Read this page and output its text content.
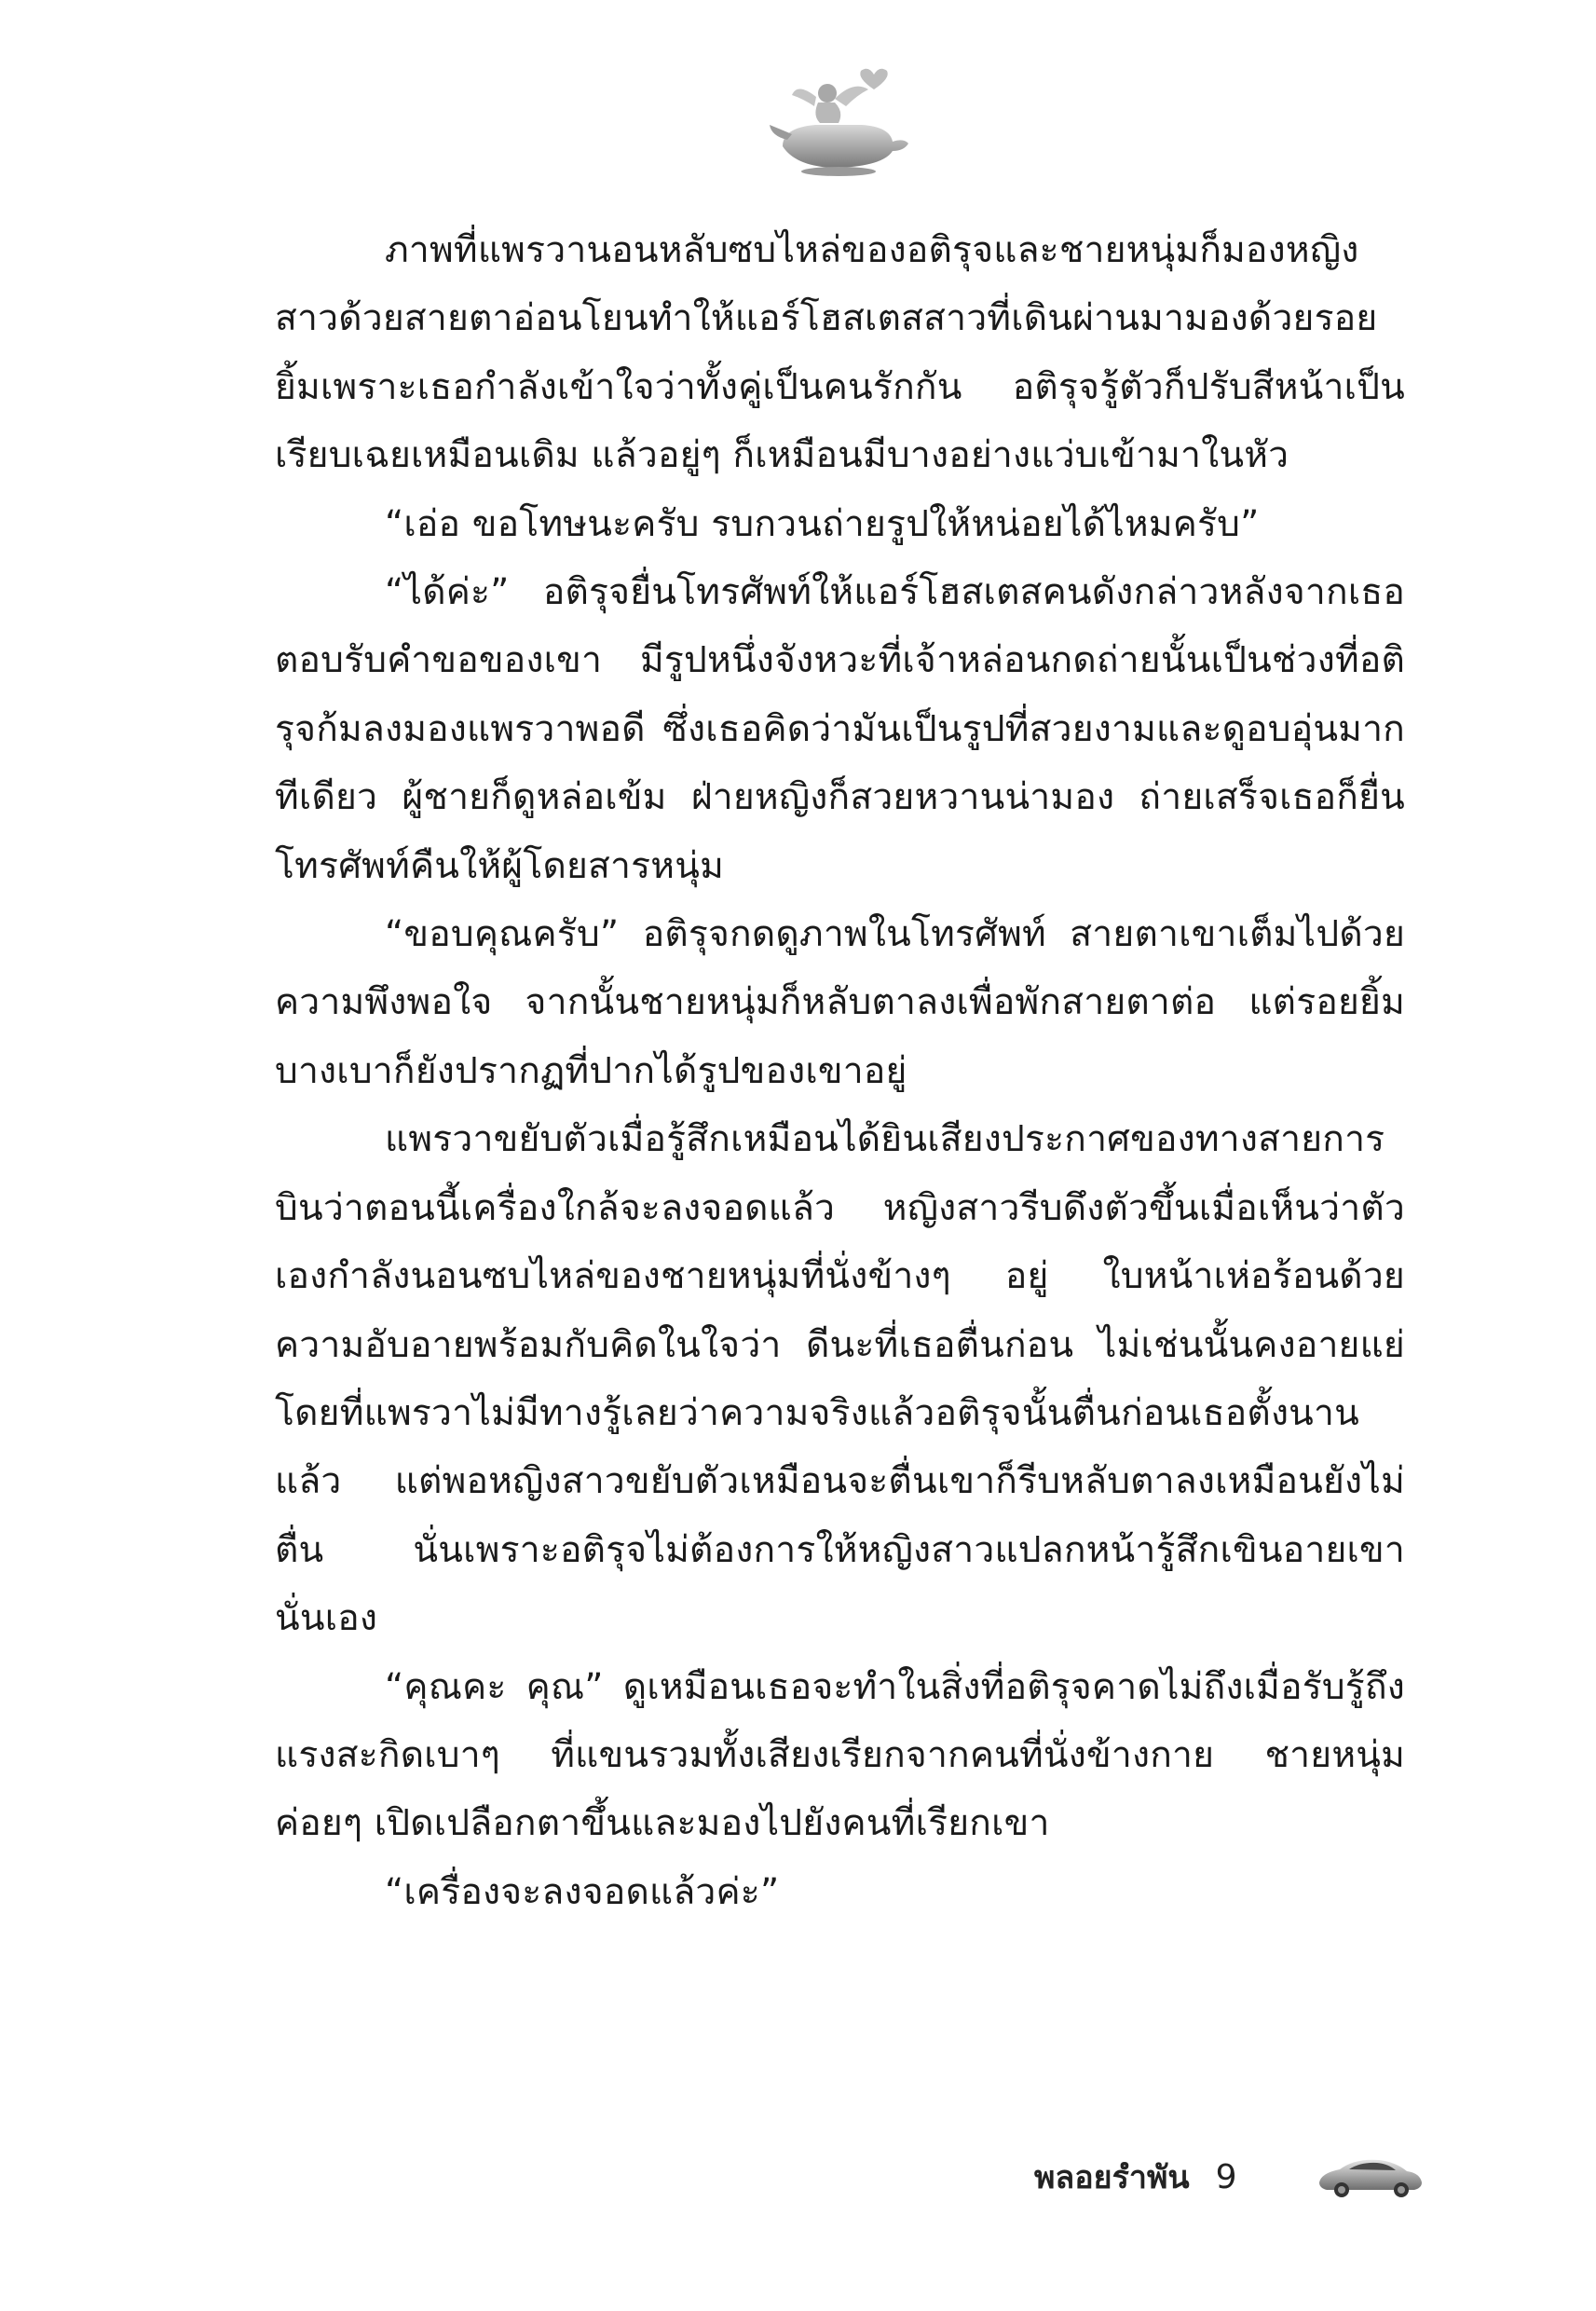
ภาพที่แพรวานอนหลับซบไหล่ของอติรุจและชายหนุ่มก็มองหญิงสาวด้วยสายตาอ่อนโยนทำให้แอร์โฮสเตสสาวที่เดินผ่านมามองด้วยรอยยิ้มเพราะเธอกำลังเข้าใจว่าทั้งคู่เป็นคนรักกัน อติรุจรู้ตัวก็ปรับสีหน้าเป็นเรียบเฉยเหมือนเดิม แล้วอยู่ๆ ก็เหมือนมีบางอย่างแว่บเข้ามาในหัว

“เอ่อ ขอโทษนะครับ รบกวนถ่ายรูปให้หน่อยได้ไหมครับ”

“ได้ค่ะ” อติรุจยื่นโทรศัพท์ให้แอร์โฮสเตสคนดังกล่าวหลังจากเธอตอบรับคำขอของเขา มีรูปหนึ่งจังหวะที่เจ้าหล่อนกดถ่ายนั้นเป็นช่วงที่อติรุจก้มลงมองแพรวาพอดี ซึ่งเธอคิดว่ามันเป็นรูปที่สวยงามและดูอบอุ่นมากทีเดียว ผู้ชายก็ดูหล่อเข้ม ฝ่ายหญิงก็สวยหวานน่ามอง ถ่ายเสร็จเธอก็ยื่นโทรศัพท์คืนให้ผู้โดยสารหนุ่ม

“ขอบคุณครับ” อติรุจกดดูภาพในโทรศัพท์ สายตาเขาเต็มไปด้วยความพึงพอใจ จากนั้นชายหนุ่มก็หลับตาลงเพื่อพักสายตาต่อ แต่รอยยิ้มบางเบาก็ยังปรากฏที่ปากได้รูปของเขาอยู่

แพรวาขยับตัวเมื่อรู้สึกเหมือนได้ยินเสียงประกาศของทางสายการบินว่าตอนนี้เครื่องใกล้จะลงจอดแล้ว หญิงสาวรีบดึงตัวขึ้นเมื่อเห็นว่าตัวเองกำลังนอนซบไหล่ของชายหนุ่มที่นั่งข้างๆ อยู่ ใบหน้าเห่อร้อนด้วยความอับอายพร้อมกับคิดในใจว่า ดีนะที่เธอตื่นก่อน ไม่เช่นนั้นคงอายแย่ โดยที่แพรวาไม่มีทางรู้เลยว่าความจริงแล้วอติรุจนั้นตื่นก่อนเธอตั้งนานแล้ว แต่พอหญิงสาวขยับตัวเหมือนจะตื่นเขาก็รีบหลับตาลงเหมือนยังไม่ตื่น นั่นเพราะอติรุจไม่ต้องการให้หญิงสาวแปลกหน้ารู้สึกเขินอายเขานั่นเอง

“คุณคะ คุณ” ดูเหมือนเธอจะทำในสิ่งที่อติรุจคาดไม่ถึงเมื่อรับรู้ถึงแรงสะกิดเบาๆ ที่แขนรวมทั้งเสียงเรียกจากคนที่นั่งข้างกาย ชายหนุ่มค่อยๆ เปิดเปลือกตาขึ้นและมองไปยังคนที่เรียกเขา

“เครื่องจะลงจอดแล้วค่ะ”

พลอยรำพัน 9
